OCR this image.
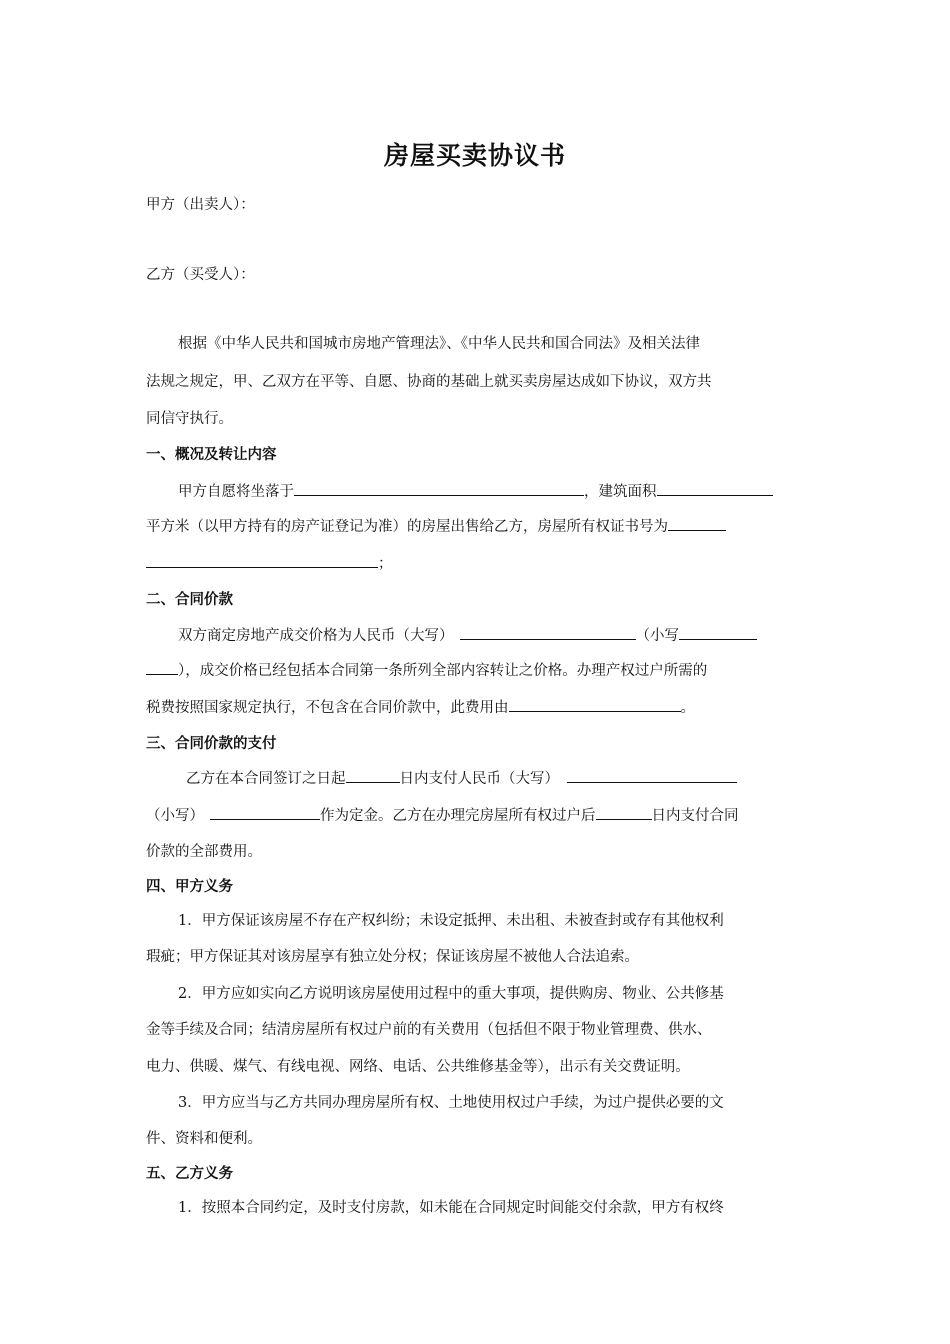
房屋买卖协议书
甲方（出卖人）：
乙方（买受人）：
根据《中华人民共和国城市房地产管理法》、《中华人民共和国合同法》及相关法律
法规之规定，甲、乙双方在平等、自愿、协商的基础上就买卖房屋达成如下协议，双方共
同信守执行。
一、概况及转让内容
甲方自愿将坐落于	，建筑面积
平方米（以甲方持有的房产证登记为准）的房屋出售给乙方，房屋所有权证书号为
；
二、合同价款
双方商定房地产成交价格为人民币（大写）	（小写
），成交价格已经包括本合同第一条所列全部内容转让之价格。办理产权过户所需的
税费按照国家规定执行，不包含在合同价款中，此费用由	。
三、合同价款的支付
乙方在本合同签订之日起	日内支付人民币（大写）
（小写）	作为定金。乙方在办理完房屋所有权过户后	日内支付合同
价款的全部费用。
四、甲方义务
1．甲方保证该房屋不存在产权纠纷；未设定抵押、未出租、未被查封或存有其他权利
瑕疵；甲方保证其对该房屋享有独立处分权；保证该房屋不被他人合法追索。
2．甲方应如实向乙方说明该房屋使用过程中的重大事项，提供购房、物业、公共修基
金等手续及合同；结清房屋所有权过户前的有关费用（包括但不限于物业管理费、供水、
电力、供暖、煤气、有线电视、网络、电话、公共维修基金等），出示有关交费证明。
3．甲方应当与乙方共同办理房屋所有权、土地使用权过户手续，为过户提供必要的文
件、资料和便利。
五、乙方义务
1．按照本合同约定，及时支付房款，如未能在合同规定时间能交付余款，甲方有权终
